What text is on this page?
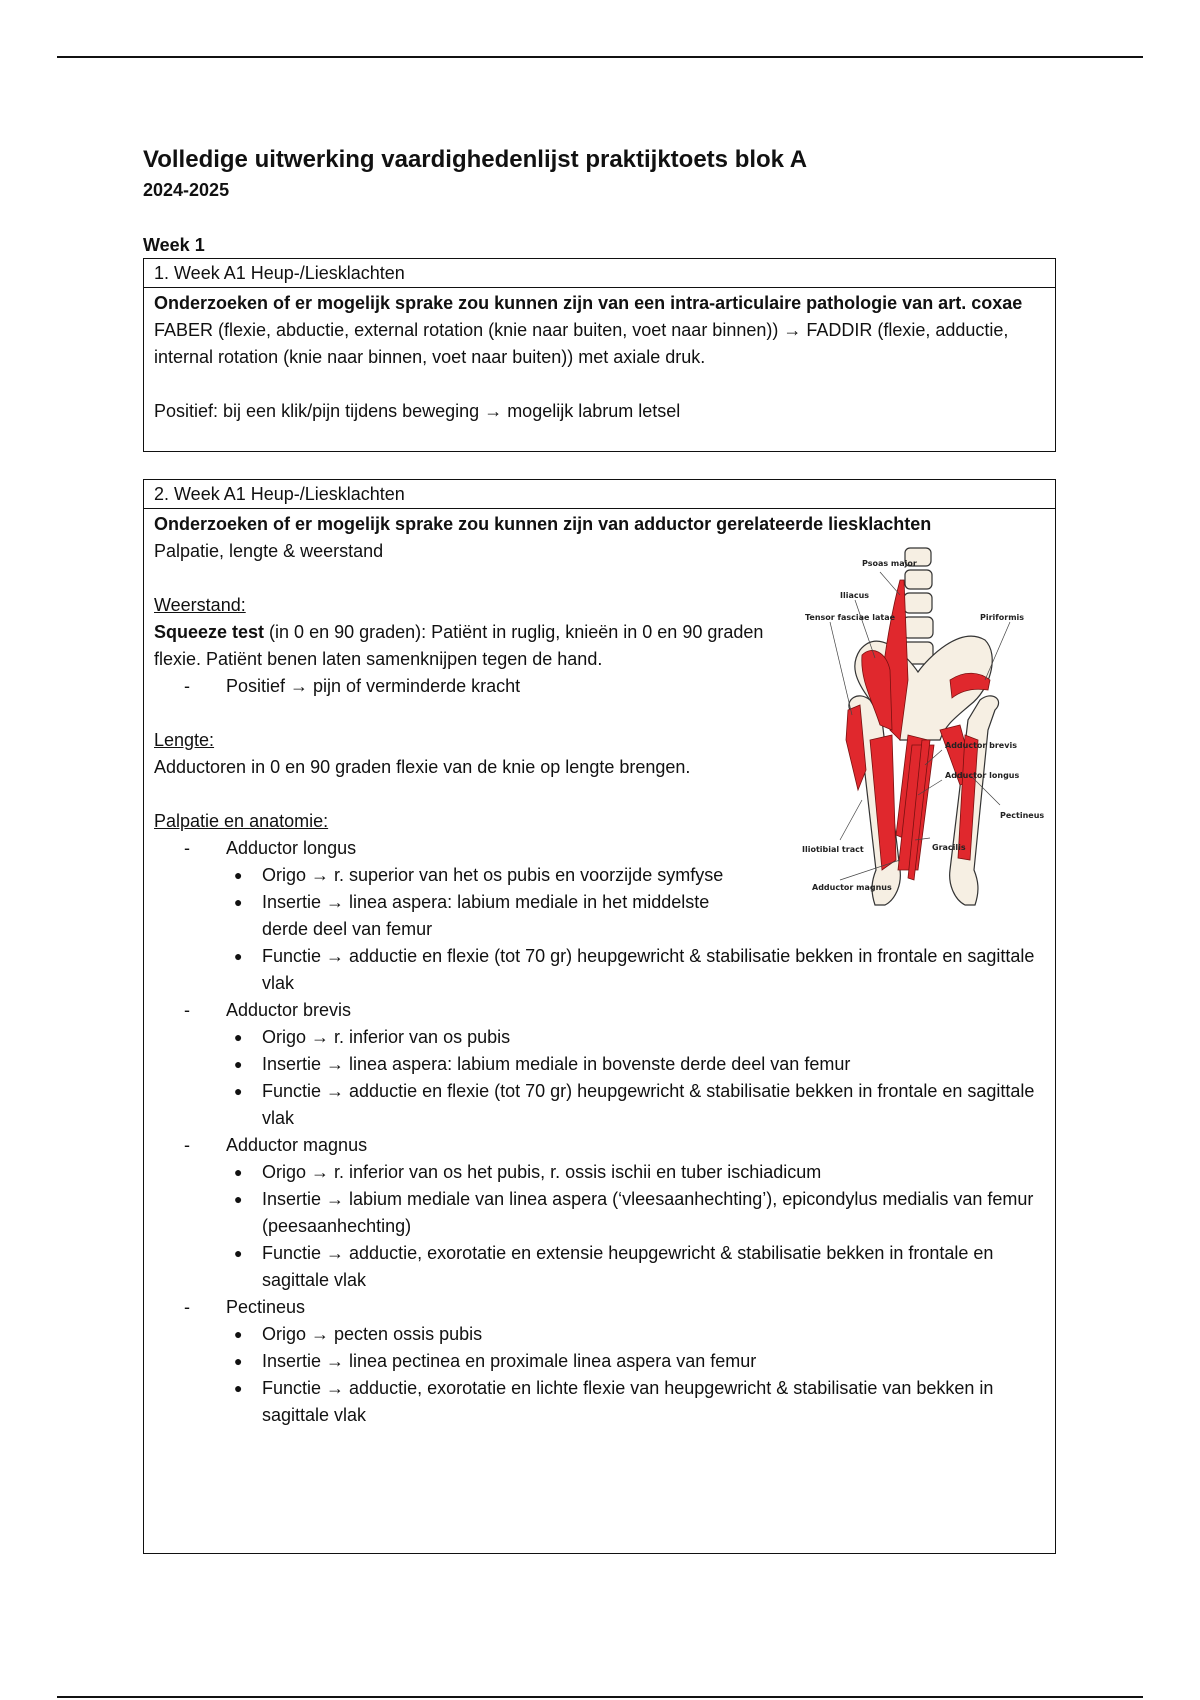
Volledige uitwerking vaardighedenlijst praktijktoets blok A
2024-2025
Week 1
1. Week A1 Heup-/Liesklachten

Onderzoeken of er mogelijk sprake zou kunnen zijn van een intra-articulaire pathologie van art. coxae

FABER (flexie, abductie, external rotation (knie naar buiten, voet naar binnen)) → FADDIR (flexie, adductie, internal rotation (knie naar binnen, voet naar buiten)) met axiale druk.

Positief: bij een klik/pijn tijdens beweging → mogelijk labrum letsel

2. Week A1 Heup-/Liesklachten

Onderzoeken of er mogelijk sprake zou kunnen zijn van adductor gerelateerde liesklachten

Palpatie, lengte & weerstand

Weerstand:

Squeeze test (in 0 en 90 graden): Patiënt in ruglig, knieën in 0 en 90 graden flexie. Patiënt benen laten samenknijpen tegen de hand.

- Positief → pijn of verminderde kracht

Lengte:

Adductoren in 0 en 90 graden flexie van de knie op lengte brengen.

Palpatie en anatomie:

- Adductor longus
● Origo → r. superior van het os pubis en voorzijde symfyse
● Insertie → linea aspera: labium mediale in het middelste derde deel van femur
● Functie → adductie en flexie (tot 70 gr) heupgewricht & stabilisatie bekken in frontale en sagittale vlak
- Adductor brevis
● Origo → r. inferior van os pubis
● Insertie → linea aspera: labium mediale in bovenste derde deel van femur
● Functie → adductie en flexie (tot 70 gr) heupgewricht & stabilisatie bekken in frontale en sagittale vlak
- Adductor magnus
● Origo → r. inferior van os het pubis, r. ossis ischii en tuber ischiadicum
● Insertie → labium mediale van linea aspera (‘vleesaanhechting’), epicondylus medialis van femur (peesaanhechting)
● Functie → adductie, exorotatie en extensie heupgewricht & stabilisatie bekken in frontale en sagittale vlak
- Pectineus
● Origo → pecten ossis pubis
● Insertie → linea pectinea en proximale linea aspera van femur
● Functie → adductie, exorotatie en lichte flexie van heupgewricht & stabilisatie van bekken in sagittale vlak
Psoas major
Iliacus
Tensor fasciae latae	Piriformis
Adductor brevis
Adductor longus
Pectineus
Gracilis
Iliotibial tract
Adductor magnus
